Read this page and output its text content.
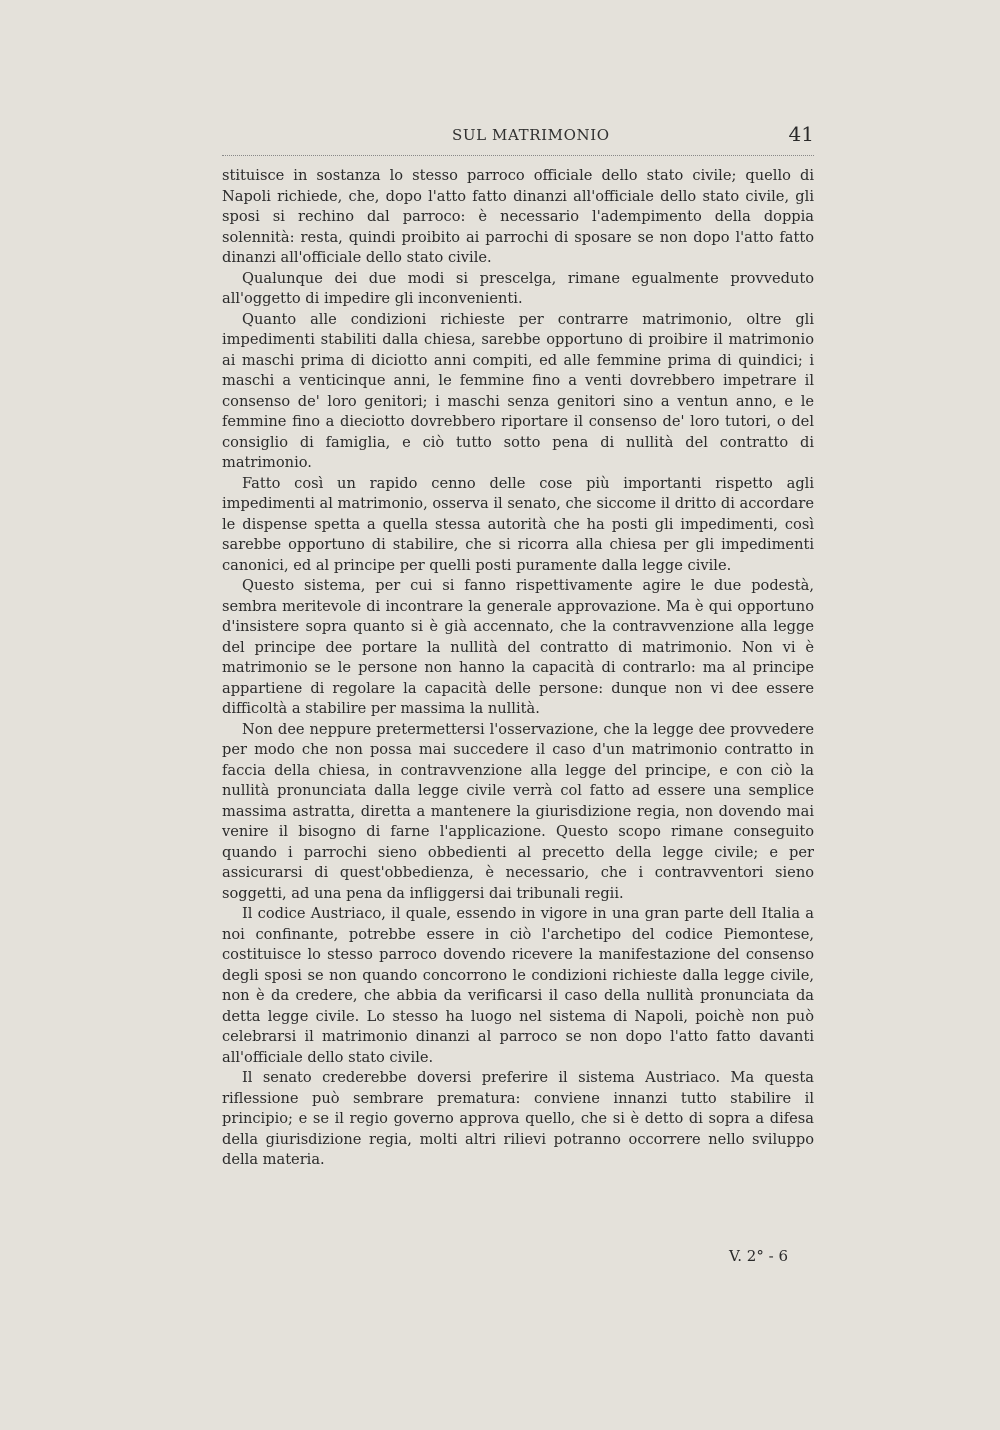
SUL MATRIMONIO	41

stituisce in sostanza lo stesso parroco officiale dello stato civile; quello di Napoli richiede, che, dopo l'atto fatto dinanzi all'officiale dello stato civile, gli sposi si rechino dal parroco: è necessario l'adempimento della doppia solennità: resta, quindi proibito ai parrochi di sposare se non dopo l'atto fatto dinanzi all'officiale dello stato civile.

Qualunque dei due modi si prescelga, rimane egualmente provveduto all'oggetto di impedire gli inconvenienti.

Quanto alle condizioni richieste per contrarre matrimonio, oltre gli impedimenti stabiliti dalla chiesa, sarebbe opportuno di proibire il matrimonio ai maschi prima di diciotto anni compiti, ed alle femmine prima di quindici; i maschi a venticinque anni, le femmine fino a venti dovrebbero impetrare il consenso de' loro genitori; i maschi senza genitori sino a ventun anno, e le femmine fino a dieciotto dovrebbero riportare il consenso de' loro tutori, o del consiglio di famiglia, e ciò tutto sotto pena di nullità del contratto di matrimonio.

Fatto così un rapido cenno delle cose più importanti rispetto agli impedimenti al matrimonio, osserva il senato, che siccome il dritto di accordare le dispense spetta a quella stessa autorità che ha posti gli impedimenti, così sarebbe opportuno di stabilire, che si ricorra alla chiesa per gli impedimenti canonici, ed al principe per quelli posti puramente dalla legge civile.

Questo sistema, per cui si fanno rispettivamente agire le due podestà, sembra meritevole di incontrare la generale approvazione. Ma è qui opportuno d'insistere sopra quanto si è già accennato, che la contravvenzione alla legge del principe dee portare la nullità del contratto di matrimonio. Non vi è matrimonio se le persone non hanno la capacità di contrarlo: ma al principe appartiene di regolare la capacità delle persone: dunque non vi dee essere difficoltà a stabilire per massima la nullità.

Non dee neppure pretermettersi l'osservazione, che la legge dee provvedere per modo che non possa mai succedere il caso d'un matrimonio contratto in faccia della chiesa, in contravvenzione alla legge del principe, e con ciò la nullità pronunciata dalla legge civile verrà col fatto ad essere una semplice massima astratta, diretta a mantenere la giurisdizione regia, non dovendo mai venire il bisogno di farne l'applicazione. Questo scopo rimane conseguito quando i parrochi sieno obbedienti al precetto della legge civile; e per assicurarsi di quest'obbedienza, è necessario, che i contravventori sieno soggetti, ad una pena da infliggersi dai tribunali regii.

Il codice Austriaco, il quale, essendo in vigore in una gran parte dell Italia a noi confinante, potrebbe essere in ciò l'archetipo del codice Piemontese, costituisce lo stesso parroco dovendo ricevere la manifestazione del consenso degli sposi se non quando concorrono le condizioni richieste dalla legge civile, non è da credere, che abbia da verificarsi il caso della nullità pronunciata da detta legge civile. Lo stesso ha luogo nel sistema di Napoli, poichè non può celebrarsi il matrimonio dinanzi al parroco se non dopo l'atto fatto davanti all'officiale dello stato civile.

Il senato crederebbe doversi preferire il sistema Austriaco. Ma questa riflessione può sembrare prematura: conviene innanzi tutto stabilire il principio; e se il regio governo approva quello, che si è detto di sopra a difesa della giurisdizione regia, molti altri rilievi potranno occorrere nello sviluppo della materia.

V. 2° - 6
